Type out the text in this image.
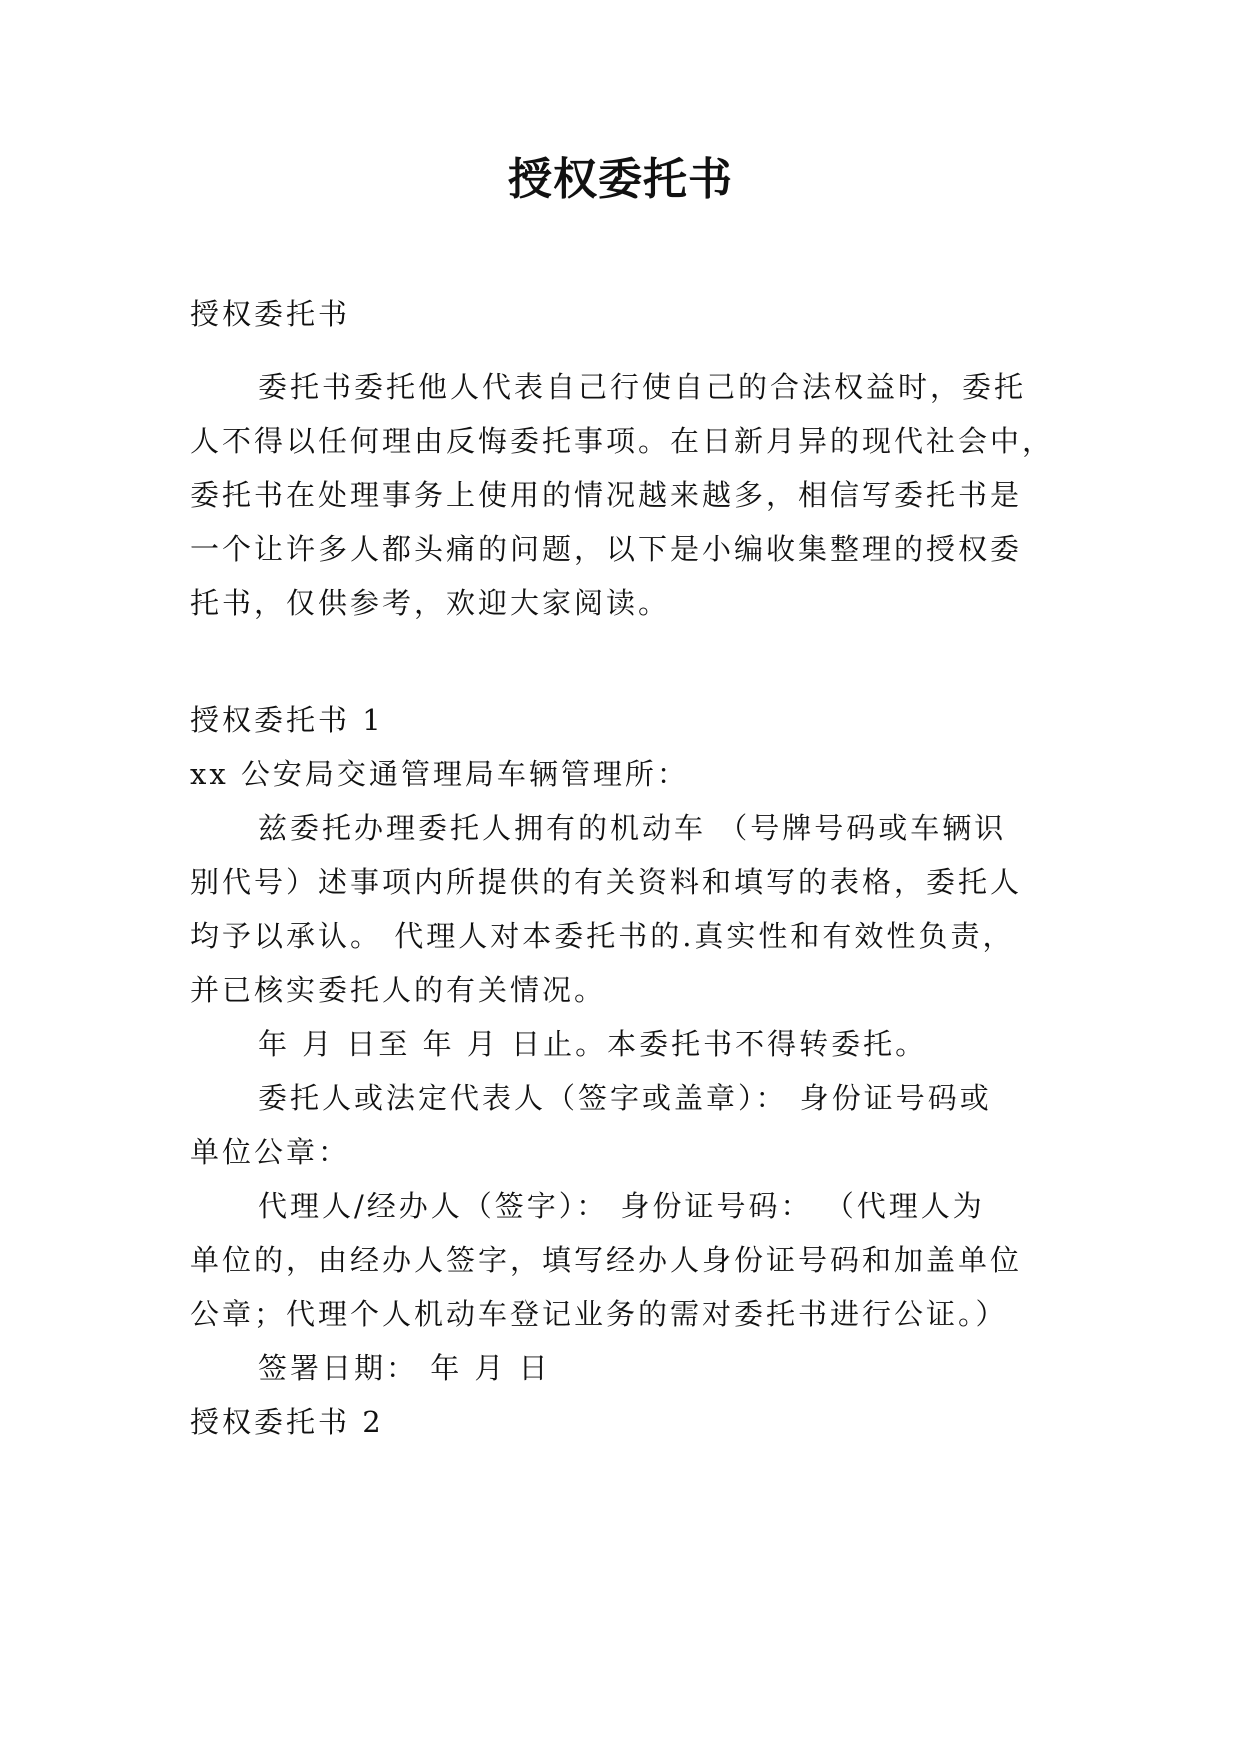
授权委托书
授权委托书
委托书委托他人代表自己行使自己的合法权益时，委托
人不得以任何理由反悔委托事项。在日新月异的现代社会中，
委托书在处理事务上使用的情况越来越多，相信写委托书是
一个让许多人都头痛的问题，以下是小编收集整理的授权委
托书，仅供参考，欢迎大家阅读。
授权委托书 1
xx 公安局交通管理局车辆管理所：
兹委托办理委托人拥有的机动车 （号牌号码或车辆识
别代号）述事项内所提供的有关资料和填写的表格，委托人
均予以承认。 代理人对本委托书的.真实性和有效性负责，
并已核实委托人的有关情况。
年 月 日至 年 月 日止。本委托书不得转委托。
委托人或法定代表人（签字或盖章）： 身份证号码或
单位公章：
代理人/经办人（签字）： 身份证号码： （代理人为
单位的，由经办人签字，填写经办人身份证号码和加盖单位
公章；代理个人机动车登记业务的需对委托书进行公证。）
签署日期： 年 月 日
授权委托书 2
